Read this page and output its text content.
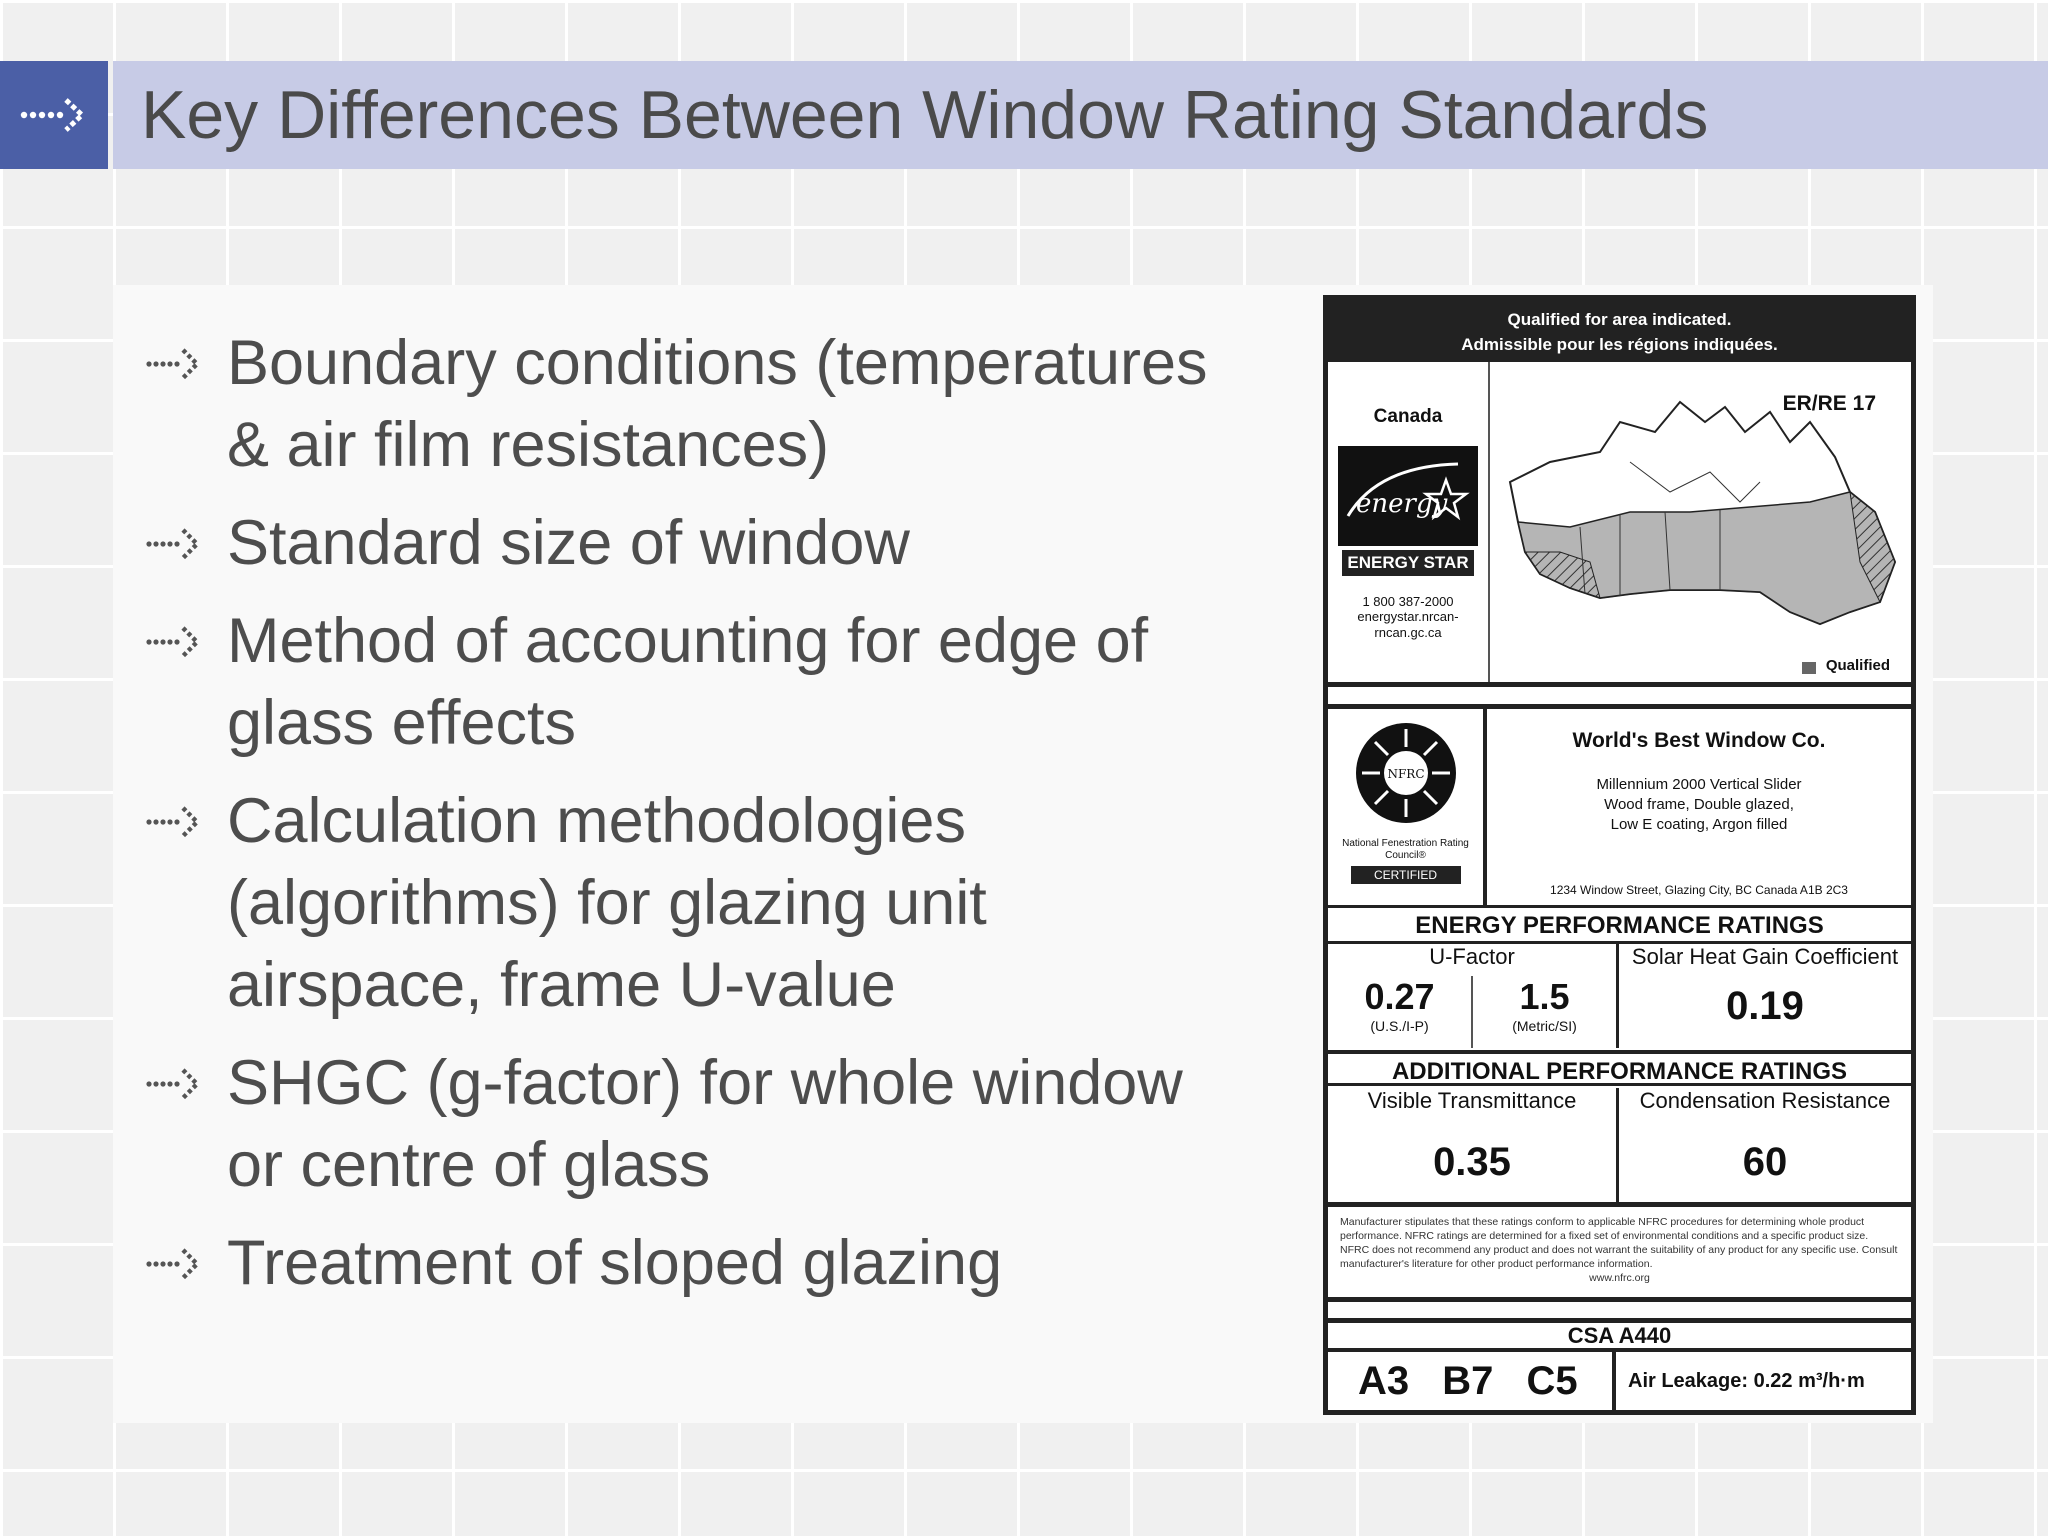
Key Differences Between Window Rating Standards
Boundary conditions (temperatures & air film resistances)
Standard size of window
Method of accounting for edge of glass effects
Calculation methodologies (algorithms) for glazing unit airspace, frame U-value
SHGC (g-factor) for whole window or centre of glass
Treatment of sloped glazing
Qualified for area indicated.
Admissible pour les régions indiquées.
Canada
energy
ENERGY STAR
1 800 387-2000
energystar.nrcan-rncan.gc.ca
ER/RE 17
Qualified
NFRC
National Fenestration Rating Council®
CERTIFIED
World's Best Window Co.
Millennium 2000 Vertical Slider
Wood frame, Double glazed,
Low E coating, Argon filled
1234 Window Street, Glazing City, BC Canada A1B 2C3
ENERGY PERFORMANCE RATINGS
U-Factor
0.27
(U.S./I-P)
1.5
(Metric/SI)
Solar Heat Gain Coefficient
0.19
ADDITIONAL PERFORMANCE RATINGS
Visible Transmittance
0.35
Condensation Resistance
60
Manufacturer stipulates that these ratings conform to applicable NFRC procedures for determining whole product performance. NFRC ratings are determined for a fixed set of environmental conditions and a specific product size. NFRC does not recommend any product and does not warrant the suitability of any product for any specific use. Consult manufacturer's literature for other product performance information.
www.nfrc.org
CSA A440
A3 B7 C5	Air Leakage: 0.22 m³/h·m
